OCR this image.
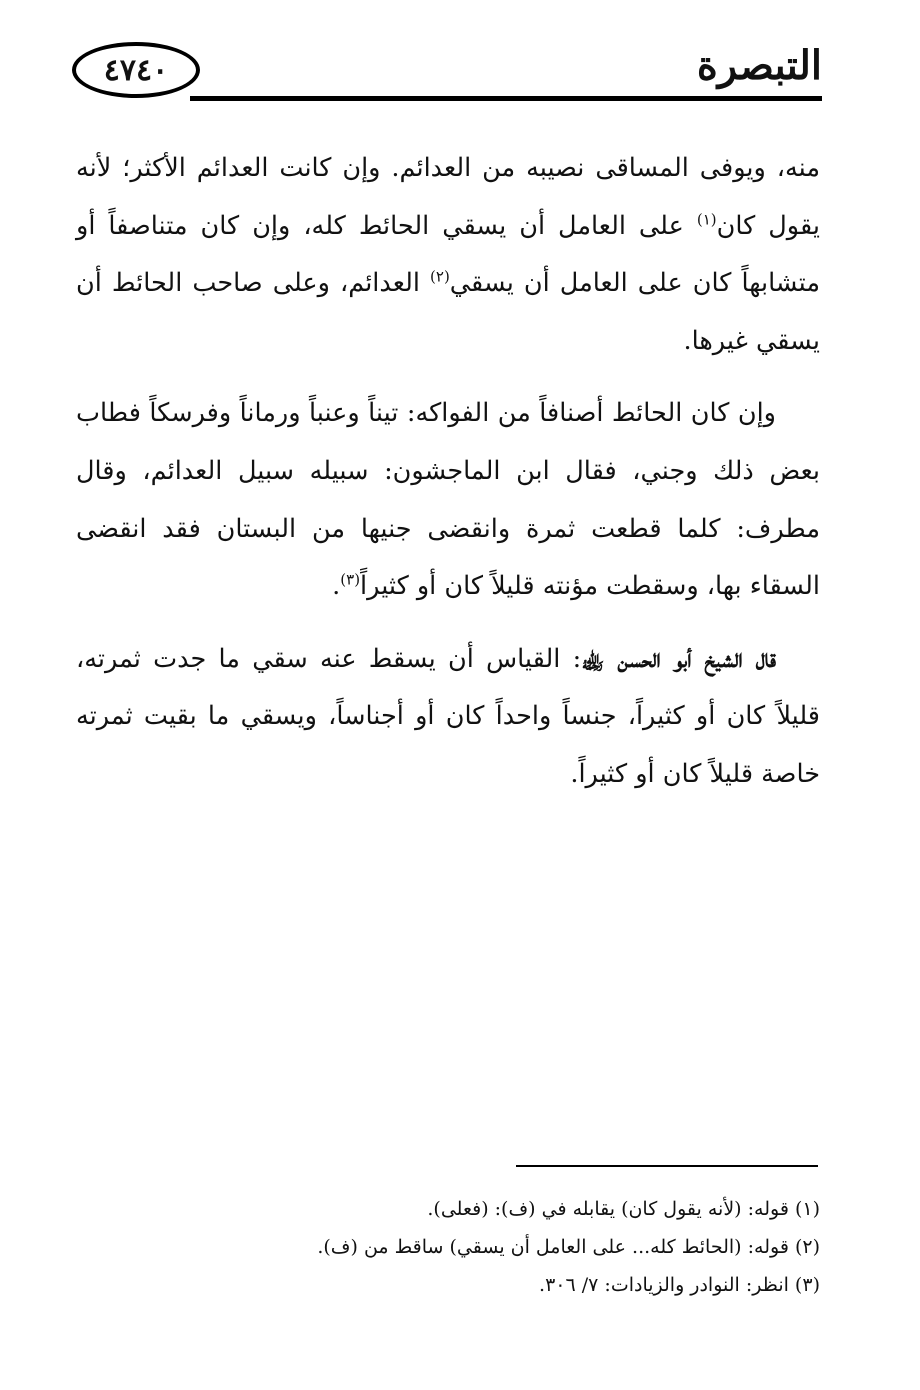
التبصرة
٤٧٤٠

منه، ويوفى المساقى نصيبه من العدائم. وإن كانت العدائم الأكثر؛ لأنه يقول كان$^{(١)}$ على العامل أن يسقي الحائط كله، وإن كان متناصفاً أو متشابهاً كان على العامل أن يسقي$^{(٢)}$ العدائم، وعلى صاحب الحائط أن يسقي غيرها.

وإن كان الحائط أصنافاً من الفواكه: تيناً وعنباً ورماناً وفرسكاً فطاب بعض ذلك وجني، فقال ابن الماجشون: سبيله سبيل العدائم، وقال مطرف: كلما قطعت ثمرة وانقضى جنيها من البستان فقد انقضى السقاء بها، وسقطت مؤنته قليلاً كان أو كثيراً$^{(٣)}$.

قال الشيخ أبو الحسن ﵀: القياس أن يسقط عنه سقي ما جدت ثمرته، قليلاً كان أو كثيراً، جنساً واحداً كان أو أجناساً، ويسقي ما بقيت ثمرته خاصة قليلاً كان أو كثيراً.

(١) قوله: (لأنه يقول كان) يقابله في (ف): (فعلى).
(٢) قوله: (الحائط كله... على العامل أن يسقي) ساقط من (ف).
(٣) انظر: النوادر والزيادات: ٧/ ٣٠٦.
